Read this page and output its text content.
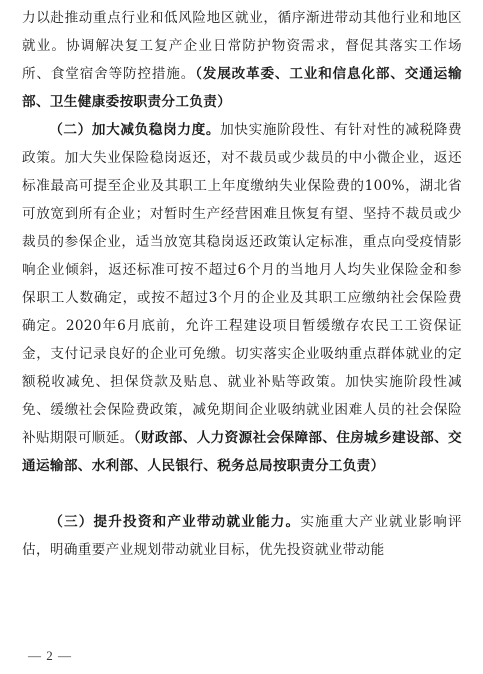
力以赴推动重点行业和低风险地区就业，循序渐进带动其他行业和地区就业。协调解决复工复产企业日常防护物资需求，督促其落实工作场所、食堂宿舍等防控措施。（发展改革委、工业和信息化部、交通运输部、卫生健康委按职责分工负责）

（二）加大减负稳岗力度。加快实施阶段性、有针对性的减税降费政策。加大失业保险稳岗返还，对不裁员或少裁员的中小微企业，返还标准最高可提至企业及其职工上年度缴纳失业保险费的100%，湖北省可放宽到所有企业；对暂时生产经营困难且恢复有望、坚持不裁员或少裁员的参保企业，适当放宽其稳岗返还政策认定标准，重点向受疫情影响企业倾斜，返还标准可按不超过6个月的当地月人均失业保险金和参保职工人数确定，或按不超过3个月的企业及其职工应缴纳社会保险费确定。2020年6月底前，允许工程建设项目暂缓缴存农民工工资保证金，支付记录良好的企业可免缴。切实落实企业吸纳重点群体就业的定额税收减免、担保贷款及贴息、就业补贴等政策。加快实施阶段性减免、缓缴社会保险费政策，减免期间企业吸纳就业困难人员的社会保险补贴期限可顺延。（财政部、人力资源社会保障部、住房城乡建设部、交通运输部、水利部、人民银行、税务总局按职责分工负责）

（三）提升投资和产业带动就业能力。实施重大产业就业影响评估，明确重要产业规划带动就业目标，优先投资就业带动能

— 2 —
